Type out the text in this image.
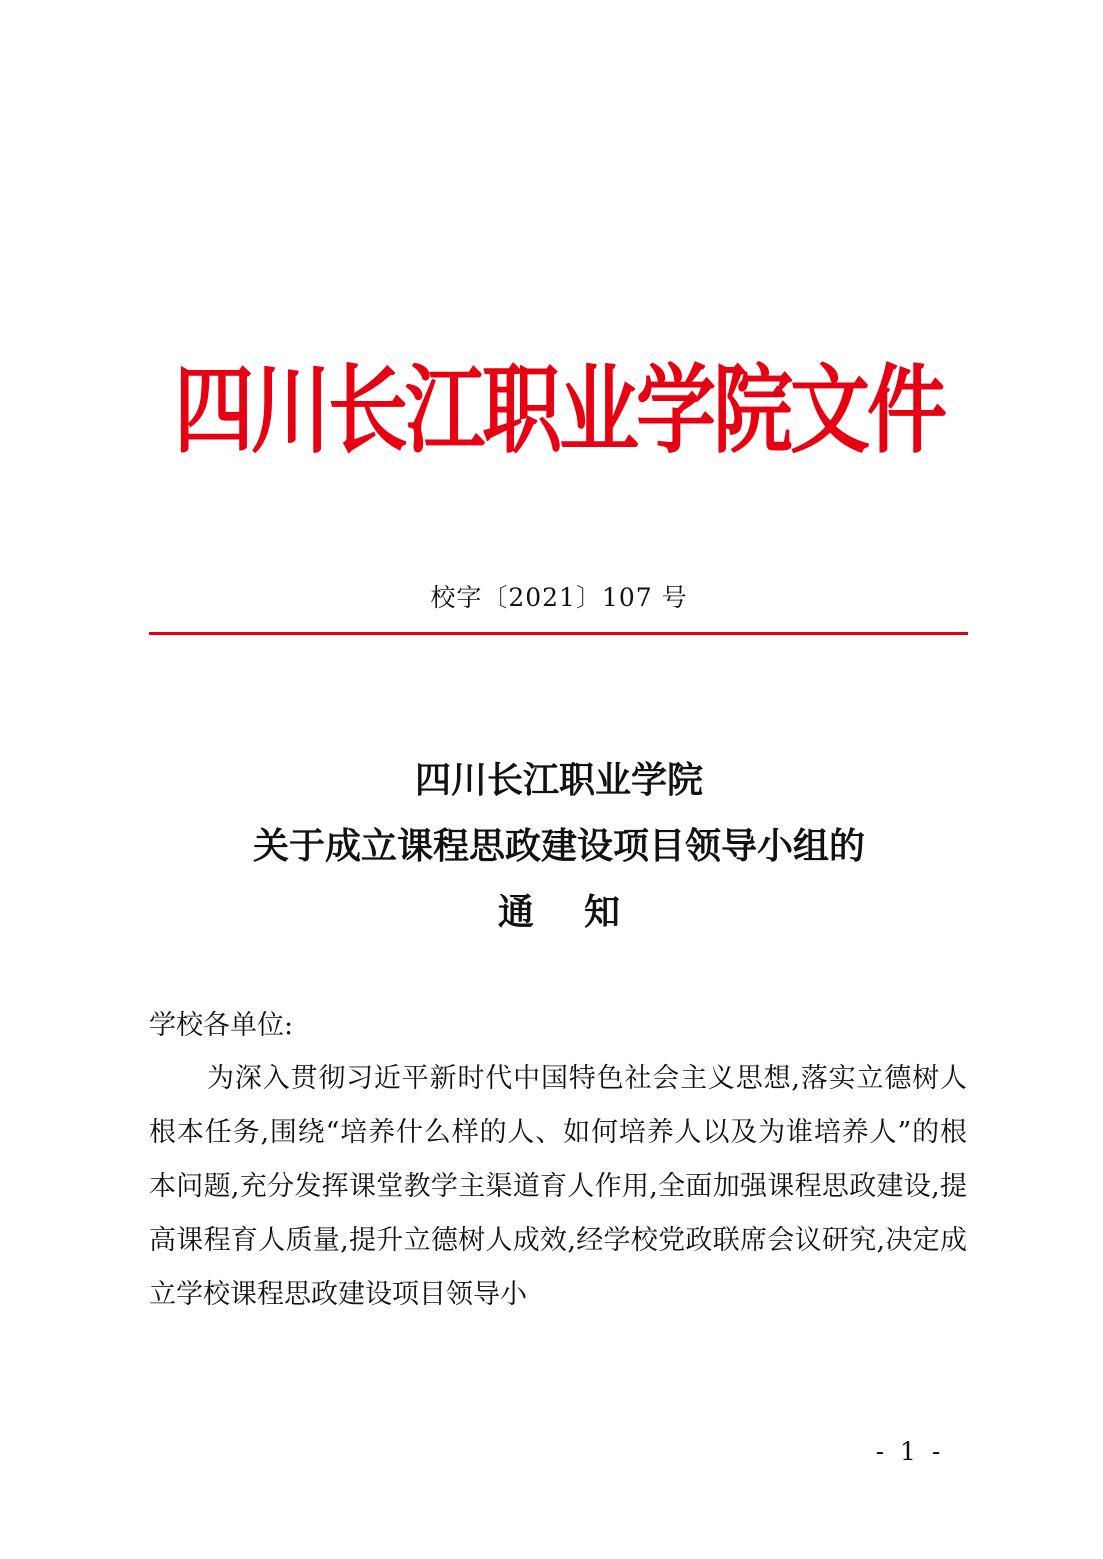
四川长江职业学院文件
校字〔2021〕107 号
四川长江职业学院
关于成立课程思政建设项目领导小组的
通    知
学校各单位:
为深入贯彻习近平新时代中国特色社会主义思想,落实立德树人根本任务,围绕“培养什么样的人、如何培养人以及为谁培养人”的根本问题,充分发挥课堂教学主渠道育人作用,全面加强课程思政建设,提高课程育人质量,提升立德树人成效,经学校党政联席会议研究,决定成立学校课程思政建设项目领导小
- 1 -
